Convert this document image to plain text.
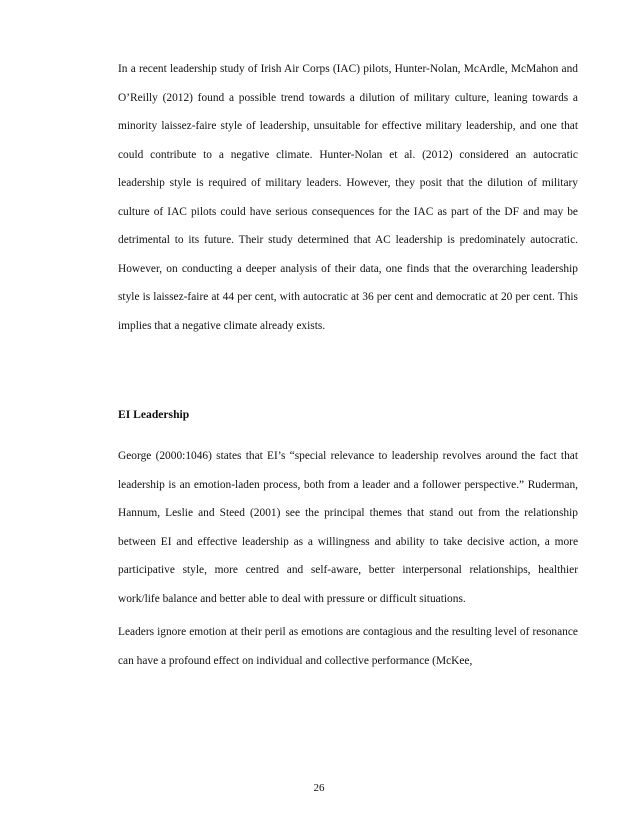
In a recent leadership study of Irish Air Corps (IAC) pilots, Hunter-Nolan, McArdle, McMahon and O’Reilly (2012) found a possible trend towards a dilution of military culture, leaning towards a minority laissez-faire style of leadership, unsuitable for effective military leadership, and one that could contribute to a negative climate. Hunter-Nolan et al. (2012) considered an autocratic leadership style is required of military leaders. However, they posit that the dilution of military culture of IAC pilots could have serious consequences for the IAC as part of the DF and may be detrimental to its future. Their study determined that AC leadership is predominately autocratic. However, on conducting a deeper analysis of their data, one finds that the overarching leadership style is laissez-faire at 44 per cent, with autocratic at 36 per cent and democratic at 20 per cent. This implies that a negative climate already exists.

EI Leadership

George (2000:1046) states that EI’s “special relevance to leadership revolves around the fact that leadership is an emotion-laden process, both from a leader and a follower perspective.” Ruderman, Hannum, Leslie and Steed (2001) see the principal themes that stand out from the relationship between EI and effective leadership as a willingness and ability to take decisive action, a more participative style, more centred and self-aware, better interpersonal relationships, healthier work/life balance and better able to deal with pressure or difficult situations.

Leaders ignore emotion at their peril as emotions are contagious and the resulting level of resonance can have a profound effect on individual and collective performance (McKee,

26
